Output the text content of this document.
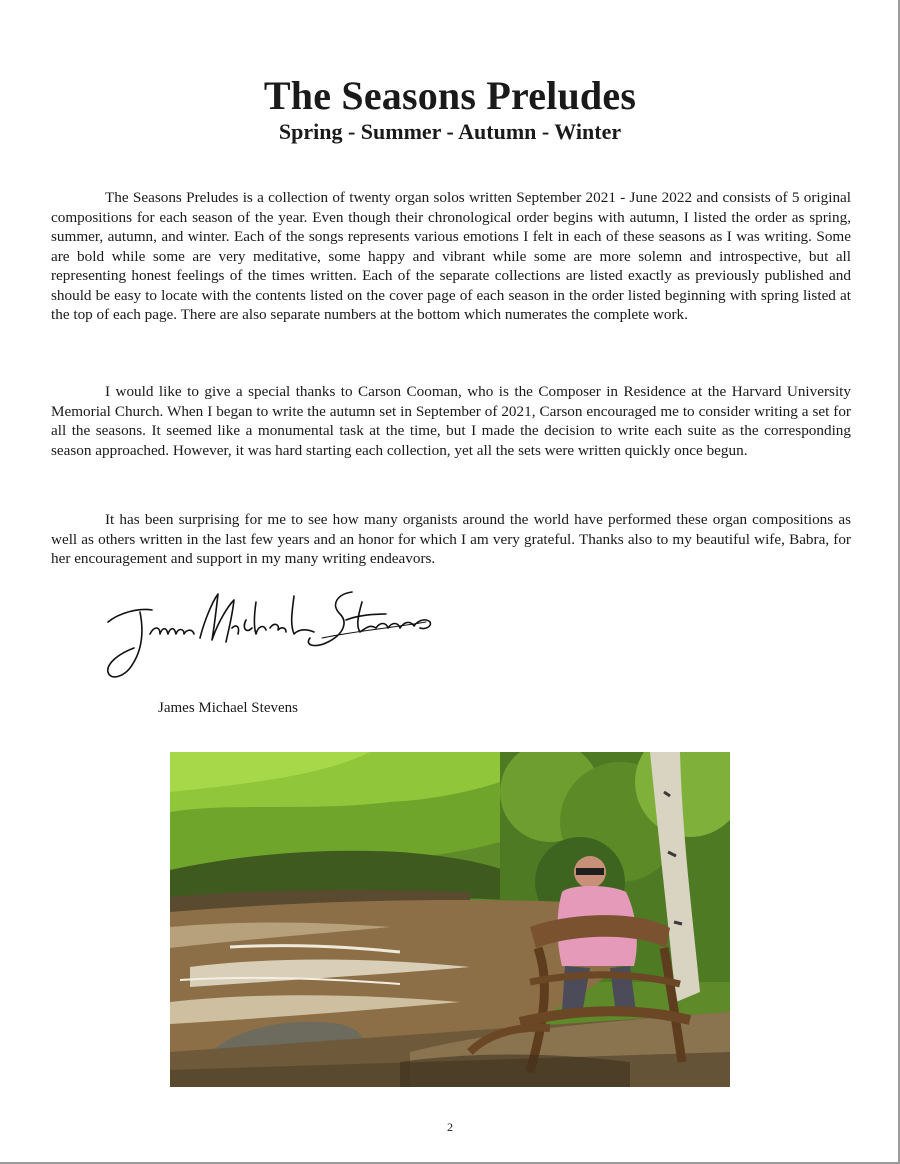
The Seasons Preludes
Spring - Summer - Autumn - Winter

The Seasons Preludes is a collection of twenty organ solos written September 2021 - June 2022 and consists of 5 original compositions for each season of the year. Even though their chronological order begins with autumn, I listed the order as spring, summer, autumn, and winter. Each of the songs represents various emotions I felt in each of these seasons as I was writing. Some are bold while some are very meditative, some happy and vibrant while some are more solemn and introspective, but all representing honest feelings of the times written. Each of the separate collections are listed exactly as previously published and should be easy to locate with the contents listed on the cover page of each season in the order listed beginning with spring listed at the top of each page. There are also separate numbers at the bottom which numerates the complete work.

I would like to give a special thanks to Carson Cooman, who is the Composer in Residence at the Harvard University Memorial Church. When I began to write the autumn set in September of 2021, Carson encouraged me to consider writing a set for all the seasons. It seemed like a monumental task at the time, but I made the decision to write each suite as the corresponding season approached. However, it was hard starting each collection, yet all the sets were written quickly once begun.

It has been surprising for me to see how many organists around the world have performed these organ compositions as well as others written in the last few years and an honor for which I am very grateful. Thanks also to my beautiful wife, Babra, for her encouragement and support in my many writing endeavors.

James Michael Stevens
2
